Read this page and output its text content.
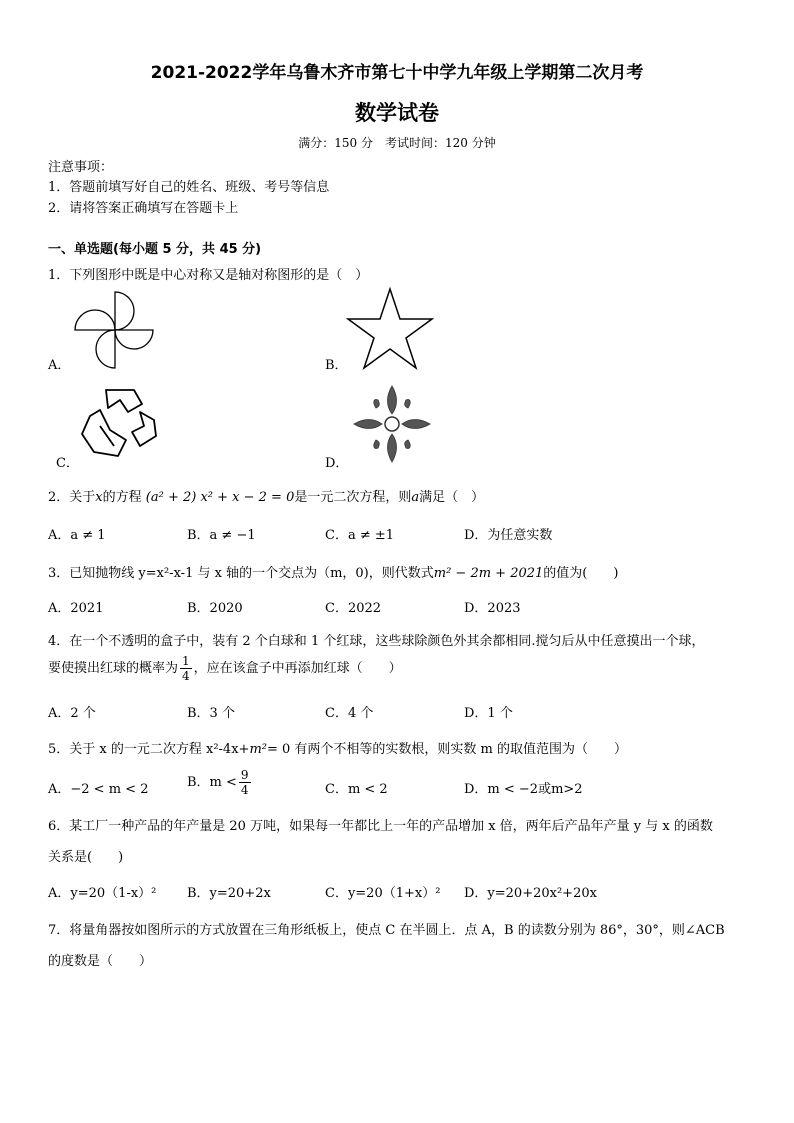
2021-2022学年乌鲁木齐市第七十中学九年级上学期第二次月考
数学试卷
满分：150 分　考试时间：120 分钟
注意事项：
1．答题前填写好自己的姓名、班级、考号等信息
2．请将答案正确填写在答题卡上
一、单选题(每小题 5 分，共 45 分)
1．下列图形中既是中心对称又是轴对称图形的是（　）
A．	B．
C．	D．
2．关于x的方程 (a² + 2) x² + x − 2 = 0是一元二次方程，则a满足（　）
A．a ≠ 1	B．a ≠ −1	C．a ≠ ±1	D．为任意实数
3．已知抛物线 y=x²-x-1 与 x 轴的一个交点为（m，0)，则代数式m² − 2m + 2021的值为(　　)
A．2021	B．2020	C．2022	D．2023
4．在一个不透明的盒子中，装有 2 个白球和 1 个红球，这些球除颜色外其余都相同.搅匀后从中任意摸出一个球，
要使摸出红球的概率为 $\frac{1}{4}$ ，应在该盒子中再添加红球（　　）
A．2 个	B．3 个	C．4 个	D．1 个
5．关于 x 的一元二次方程 x²-4x+m²= 0 有两个不相等的实数根，则实数 m 的取值范围为（　　）
A．−2 < m < 2	B．$m < \frac{9}{4}$	C．m < 2	D．m < −2或m>2
6．某工厂一种产品的年产量是 20 万吨，如果每一年都比上一年的产品增加 x 倍，两年后产品年产量 y 与 x 的函数
关系是(　　)
A．y=20（1-x）² B．y=20+2x	C．y=20（1+x）² D．y=20+20x²+20x
7．将量角器按如图所示的方式放置在三角形纸板上，使点 C 在半圆上．点 A，B 的读数分别为 86°，30°，则∠ACB
的度数是（　　）
